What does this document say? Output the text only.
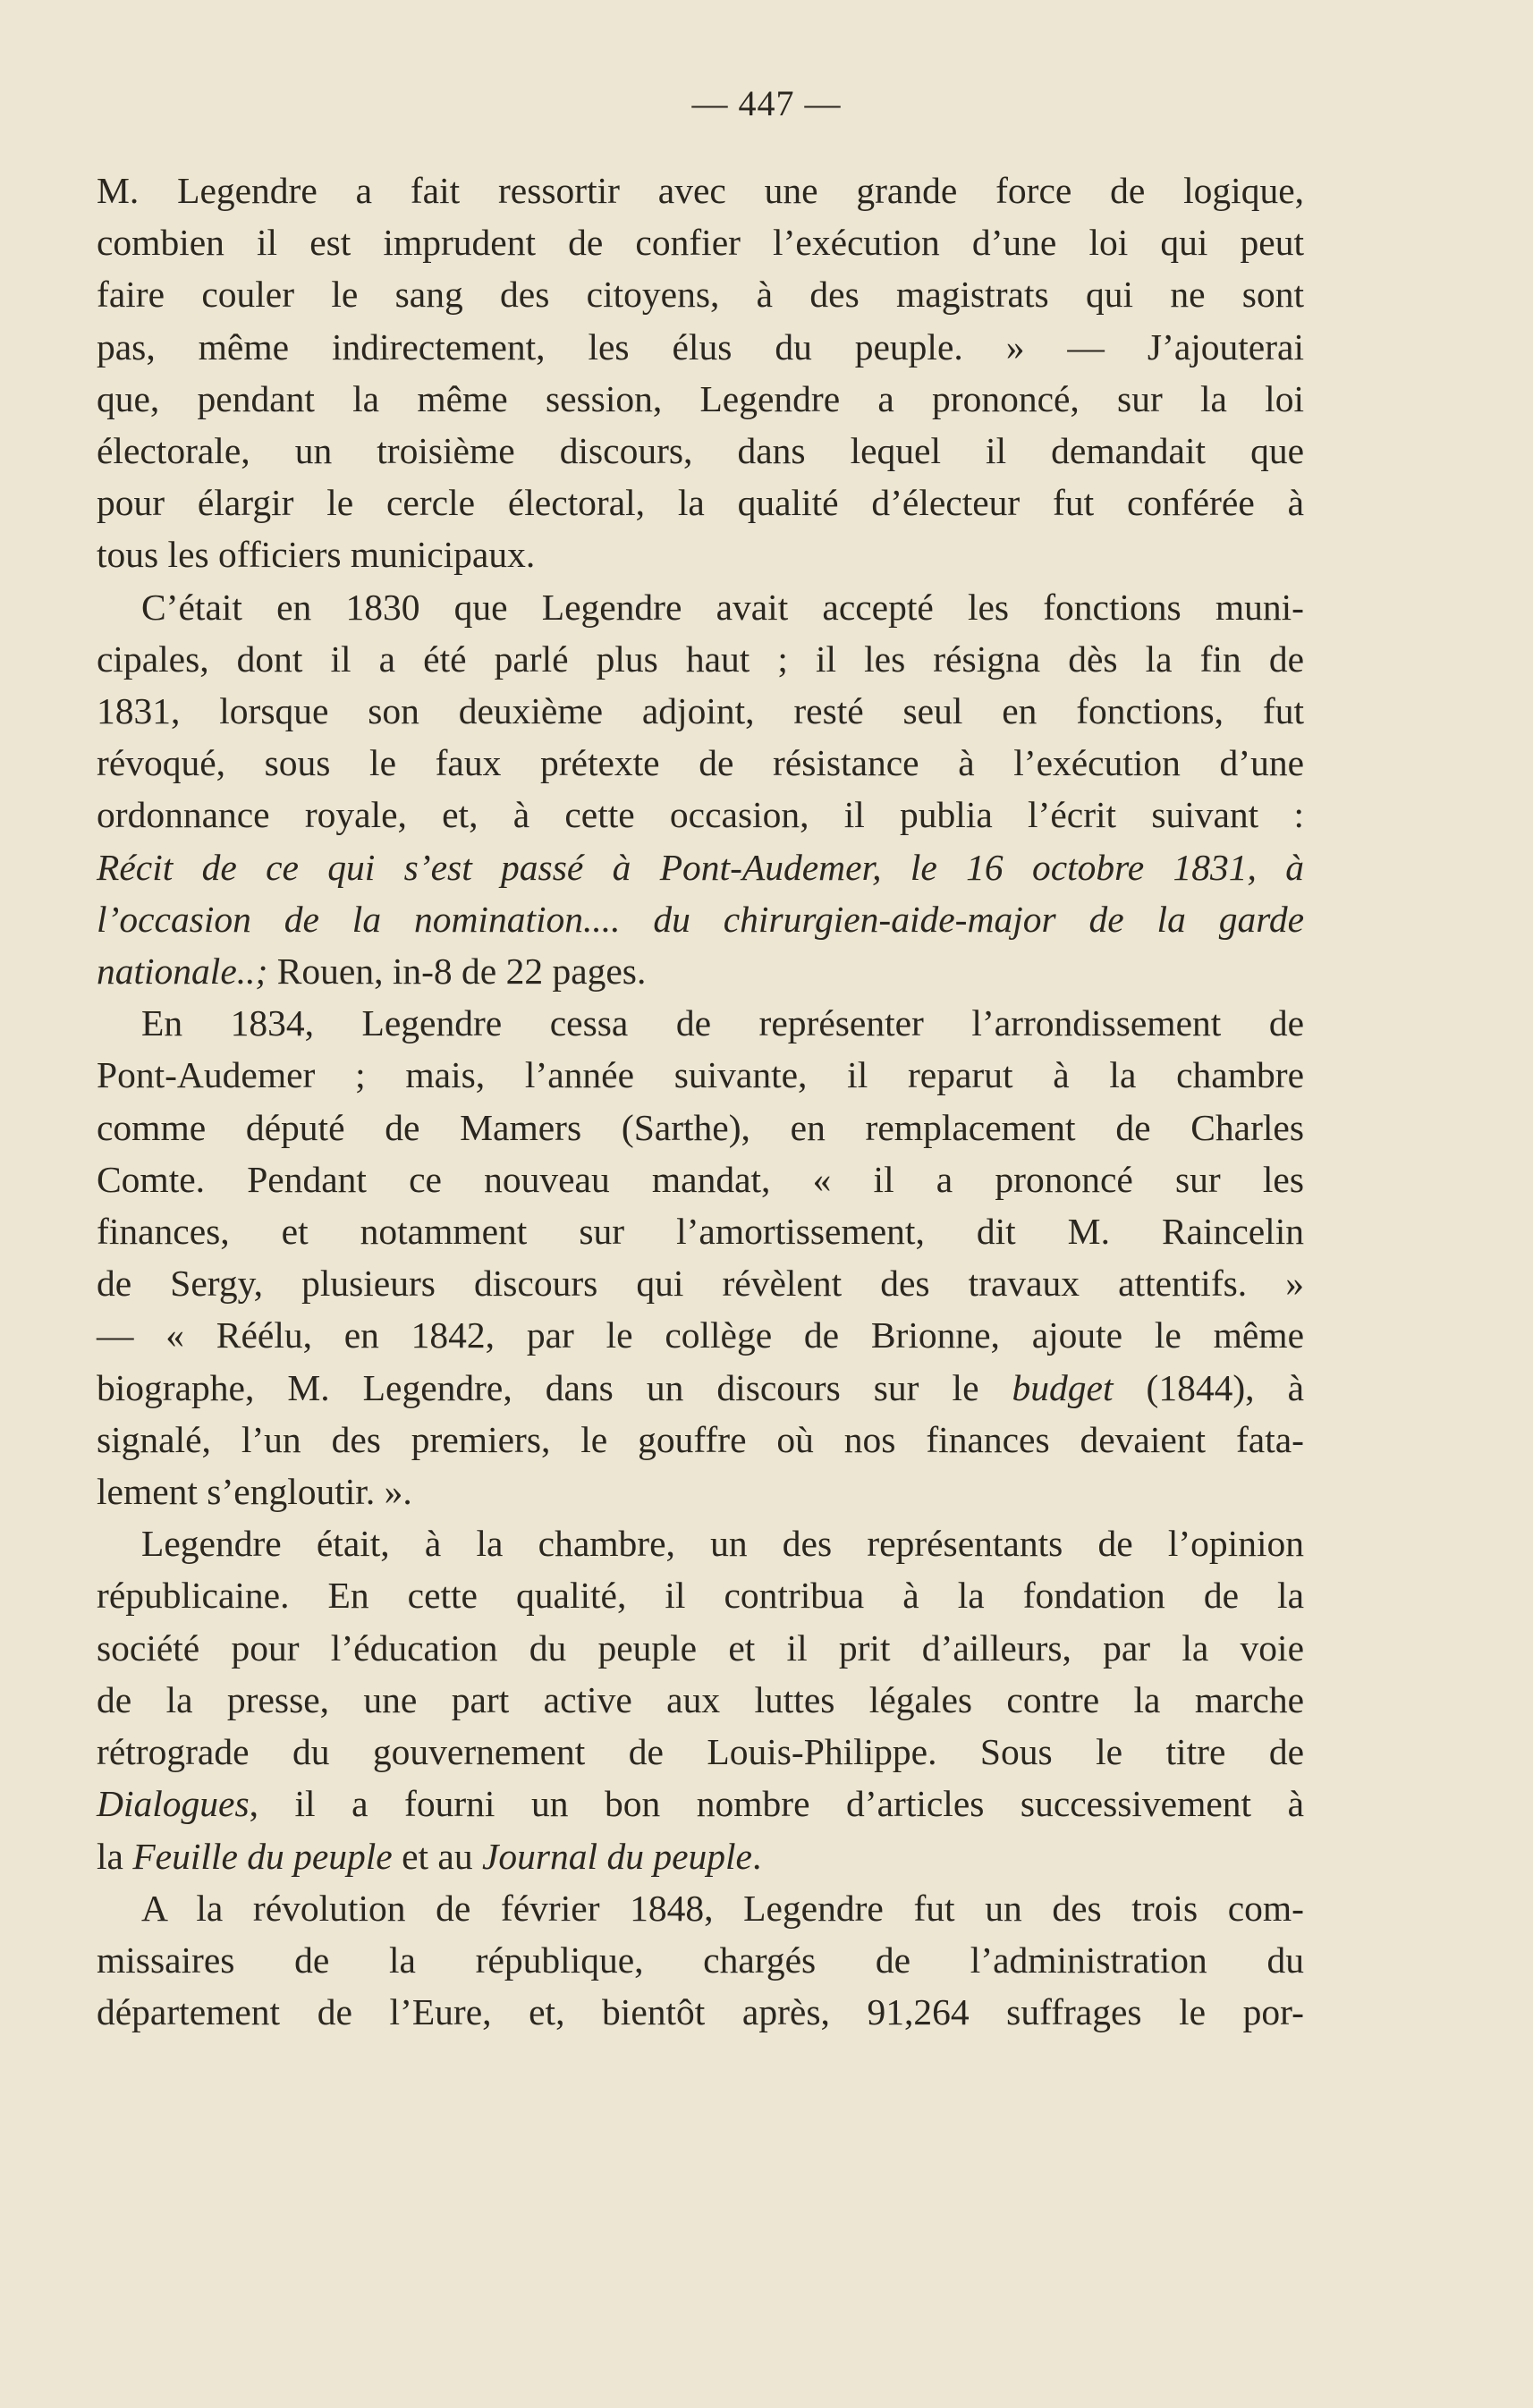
— 447 —

M. Legendre a fait ressortir avec une grande force de logique,
combien il est imprudent de confier l’exécution d’une loi qui peut
faire couler le sang des citoyens, à des magistrats qui ne sont
pas, même indirectement, les élus du peuple. » — J’ajouterai
que, pendant la même session, Legendre a prononcé, sur la loi
électorale, un troisième discours, dans lequel il demandait que
pour élargir le cercle électoral, la qualité d’électeur fut conférée à
tous les officiers municipaux.

C’était en 1830 que Legendre avait accepté les fonctions muni-
cipales, dont il a été parlé plus haut ; il les résigna dès la fin de
1831, lorsque son deuxième adjoint, resté seul en fonctions, fut
révoqué, sous le faux prétexte de résistance à l’exécution d’une
ordonnance royale, et, à cette occasion, il publia l’écrit suivant :
Récit de ce qui s’est passé à Pont-Audemer, le 16 octobre 1831, à
l’occasion de la nomination.... du chirurgien-aide-major de la garde
nationale..; Rouen, in-8 de 22 pages.

En 1834, Legendre cessa de représenter l’arrondissement de
Pont-Audemer ; mais, l’année suivante, il reparut à la chambre
comme député de Mamers (Sarthe), en remplacement de Charles
Comte. Pendant ce nouveau mandat, « il a prononcé sur les
finances, et notamment sur l’amortissement, dit M. Raincelin
de Sergy, plusieurs discours qui révèlent des travaux attentifs. »
— « Réélu, en 1842, par le collège de Brionne, ajoute le même
biographe, M. Legendre, dans un discours sur le budget (1844), à
signalé, l’un des premiers, le gouffre où nos finances devaient fata-
lement s’engloutir. ».

Legendre était, à la chambre, un des représentants de l’opinion
républicaine. En cette qualité, il contribua à la fondation de la
société pour l’éducation du peuple et il prit d’ailleurs, par la voie
de la presse, une part active aux luttes légales contre la marche
rétrograde du gouvernement de Louis-Philippe. Sous le titre de
Dialogues, il a fourni un bon nombre d’articles successivement à
la Feuille du peuple et au Journal du peuple.

A la révolution de février 1848, Legendre fut un des trois com-
missaires de la république, chargés de l’administration du
département de l’Eure, et, bientôt après, 91,264 suffrages le por-
